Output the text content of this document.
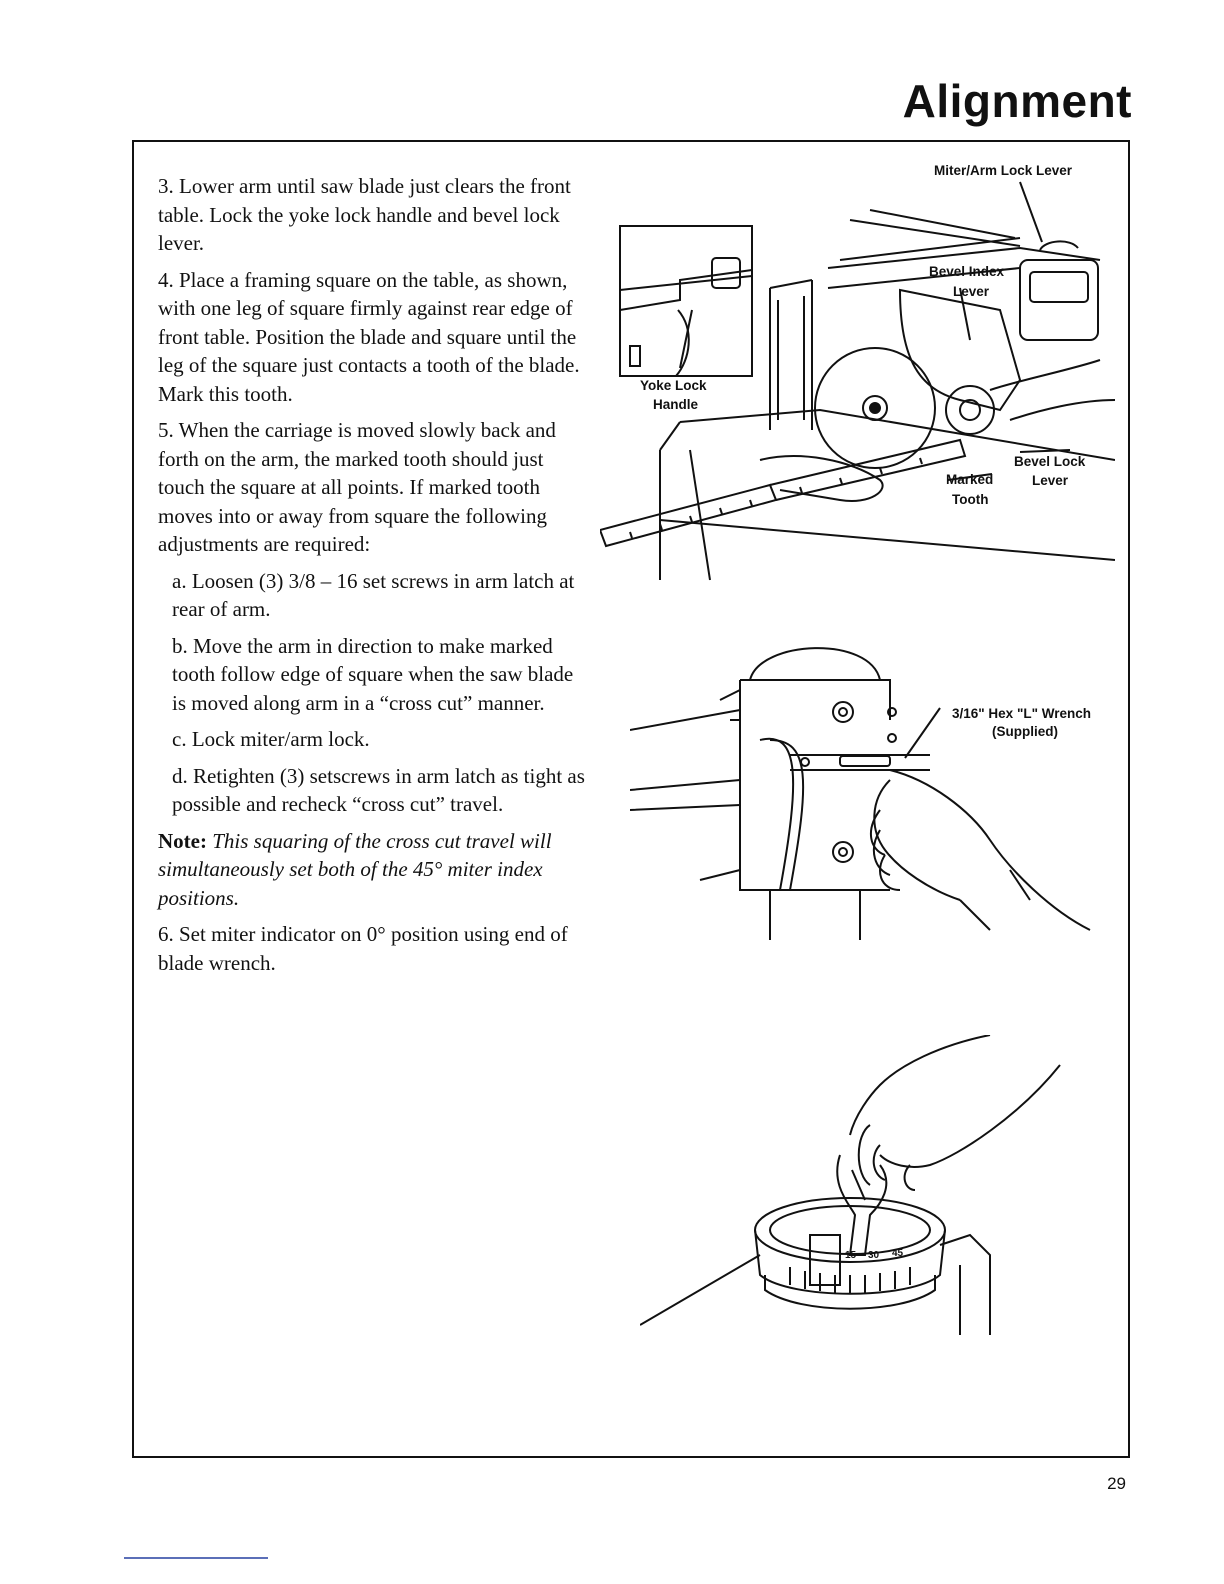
Alignment

3. Lower arm until saw blade just clears the front table. Lock the yoke lock handle and bevel lock lever.

4. Place a framing square on the table, as shown, with one leg of square firmly against rear edge of front table. Position the blade and square until the leg of the square just contacts a tooth of the blade. Mark this tooth.

5. When the carriage is moved slowly back and forth on the arm, the marked tooth should just touch the square at all points. If marked tooth moves into or away from square the following adjustments are required:

a. Loosen (3) 3/8 – 16 set screws in arm latch at rear of arm.

b. Move the arm in direction to make marked tooth follow edge of square when the saw blade is moved along arm in a “cross cut” manner.

c. Lock miter/arm lock.

d. Retighten (3) setscrews in arm latch as tight as possible and recheck “cross cut” travel.

Note: This squaring of the cross cut travel will simultaneously set both of the 45° miter index positions.

6. Set miter indicator on 0° position using end of blade wrench.

Miter/Arm Lock Lever
Bevel Index
Lever
Yoke Lock
Handle
Bevel Lock
Lever
Marked
Tooth
3/16" Hex "L" Wrench
(Supplied)
15 30 45
29
